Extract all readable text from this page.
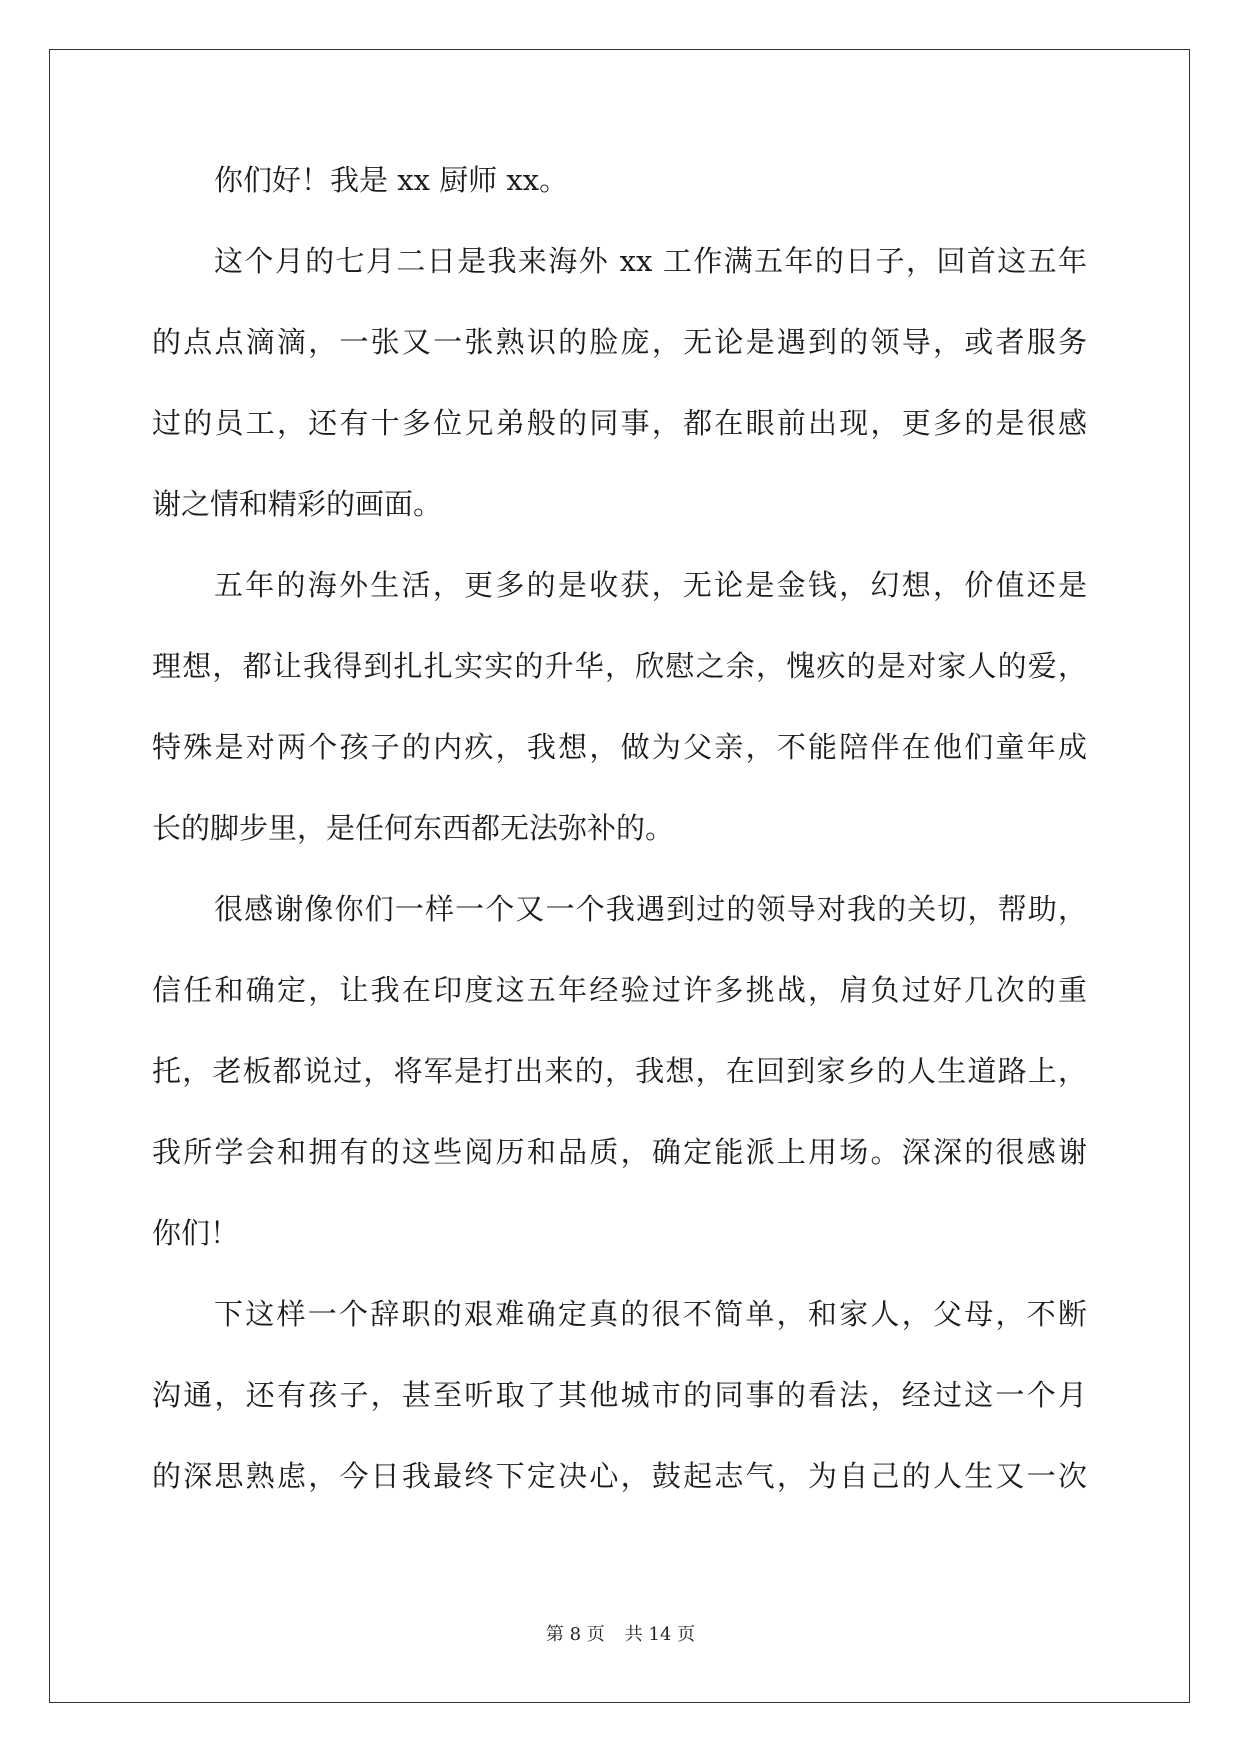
你们好！我是 xx 厨师 xx。
这个月的七月二日是我来海外 xx 工作满五年的日子，回首这五年
的点点滴滴，一张又一张熟识的脸庞，无论是遇到的领导，或者服务
过的员工，还有十多位兄弟般的同事，都在眼前出现，更多的是很感
谢之情和精彩的画面。
五年的海外生活，更多的是收获，无论是金钱，幻想，价值还是
理想，都让我得到扎扎实实的升华，欣慰之余，愧疚的是对家人的爱，
特殊是对两个孩子的内疚，我想，做为父亲，不能陪伴在他们童年成
长的脚步里，是任何东西都无法弥补的。
很感谢像你们一样一个又一个我遇到过的领导对我的关切，帮助，
信任和确定，让我在印度这五年经验过许多挑战，肩负过好几次的重
托，老板都说过，将军是打出来的，我想，在回到家乡的人生道路上，
我所学会和拥有的这些阅历和品质，确定能派上用场。深深的很感谢
你们！
下这样一个辞职的艰难确定真的很不简单，和家人，父母，不断
沟通，还有孩子，甚至听取了其他城市的同事的看法，经过这一个月
的深思熟虑，今日我最终下定决心，鼓起志气，为自己的人生又一次
第 8 页 共 14 页
